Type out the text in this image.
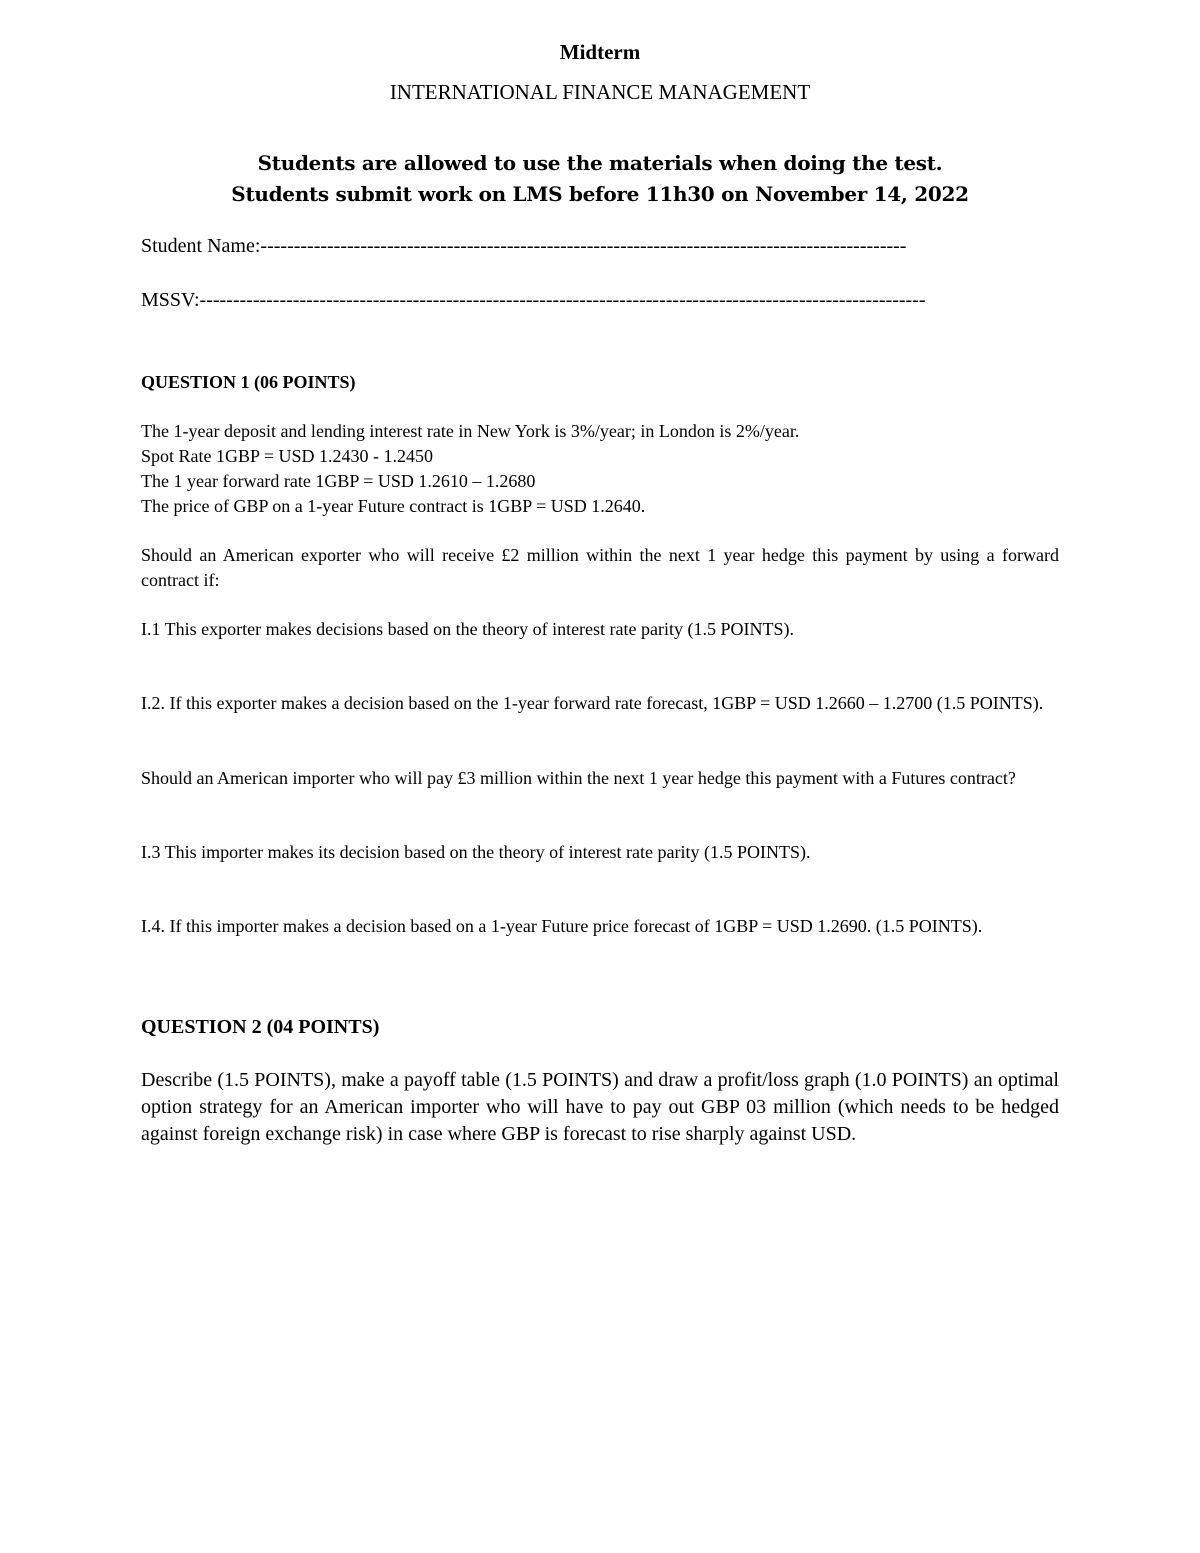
Midterm
INTERNATIONAL FINANCE MANAGEMENT
Students are allowed to use the materials when doing the test.
Students submit work on LMS before 11h30 on November 14, 2022
Student Name:-------------------------------------------------------------------------------------------------
MSSV:-------------------------------------------------------------------------------------------------------------
QUESTION 1 (06 POINTS)
The 1-year deposit and lending interest rate in New York is 3%/year; in London is 2%/year.
Spot Rate 1GBP = USD 1.2430 - 1.2450
The 1 year forward rate 1GBP = USD 1.2610 – 1.2680
The price of GBP on a 1-year Future contract is 1GBP = USD 1.2640.
Should an American exporter who will receive £2 million within the next 1 year hedge this payment by using a forward contract if:
I.1 This exporter makes decisions based on the theory of interest rate parity (1.5 POINTS).
I.2. If this exporter makes a decision based on the 1-year forward rate forecast, 1GBP = USD 1.2660 – 1.2700 (1.5 POINTS).
Should an American importer who will pay £3 million within the next 1 year hedge this payment with a Futures contract?
I.3 This importer makes its decision based on the theory of interest rate parity (1.5 POINTS).
I.4. If this importer makes a decision based on a 1-year Future price forecast of 1GBP = USD 1.2690. (1.5 POINTS).
QUESTION 2 (04 POINTS)
Describe (1.5 POINTS), make a payoff table (1.5 POINTS) and draw a profit/loss graph (1.0 POINTS) an optimal option strategy for an American importer who will have to pay out GBP 03 million (which needs to be hedged against foreign exchange risk) in case where GBP is forecast to rise sharply against USD.
